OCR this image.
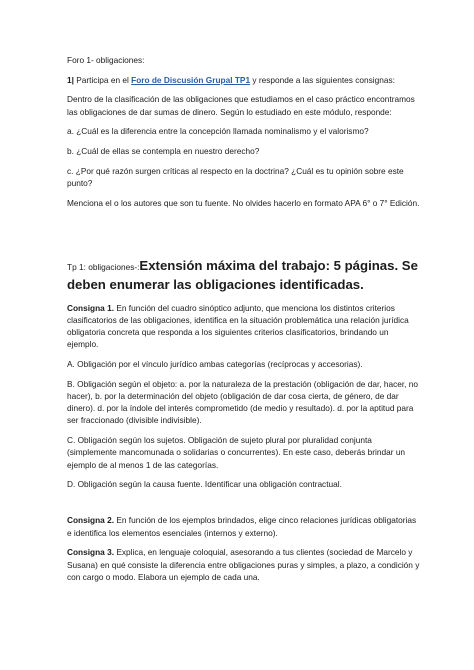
Foro 1- obligaciones:

1| Participa en el Foro de Discusión Grupal TP1 y responde a las siguientes consignas:

Dentro de la clasificación de las obligaciones que estudiamos en el caso práctico encontramos las obligaciones de dar sumas de dinero. Según lo estudiado en este módulo, responde:

a. ¿Cuál es la diferencia entre la concepción llamada nominalismo y el valorismo?

b. ¿Cuál de ellas se contempla en nuestro derecho?

c. ¿Por qué razón surgen críticas al respecto en la doctrina? ¿Cuál es tu opinión sobre este punto?

Menciona el o los autores que son tu fuente. No olvides hacerlo en formato APA 6° o 7° Edición.

Tp 1: obligaciones-:Extensión máxima del trabajo: 5 páginas. Se deben enumerar las obligaciones identificadas.

Consigna 1. En función del cuadro sinóptico adjunto, que menciona los distintos criterios clasificatorios de las obligaciones, identifica en la situación problemática una relación jurídica obligatoria concreta que responda a los siguientes criterios clasificatorios, brindando un ejemplo.

A. Obligación por el vínculo jurídico ambas categorías (recíprocas y accesorias).

B. Obligación según el objeto: a. por la naturaleza de la prestación (obligación de dar, hacer, no hacer), b. por la determinación del objeto (obligación de dar cosa cierta, de género, de dar dinero). d. por la índole del interés comprometido (de medio y resultado). d. por la aptitud para ser fraccionado (divisible indivisible).

C. Obligación según los sujetos. Obligación de sujeto plural por pluralidad conjunta (simplemente mancomunada o solidarias o concurrentes). En este caso, deberás brindar un ejemplo de al menos 1 de las categorías.

D. Obligación según la causa fuente. Identificar una obligación contractual.

Consigna 2. En función de los ejemplos brindados, elige cinco relaciones jurídicas obligatorias e identifica los elementos esenciales (internos y externo).

Consigna 3. Explica, en lenguaje coloquial, asesorando a tus clientes (sociedad de Marcelo y Susana) en qué consiste la diferencia entre obligaciones puras y simples, a plazo, a condición y con cargo o modo. Elabora un ejemplo de cada una.
